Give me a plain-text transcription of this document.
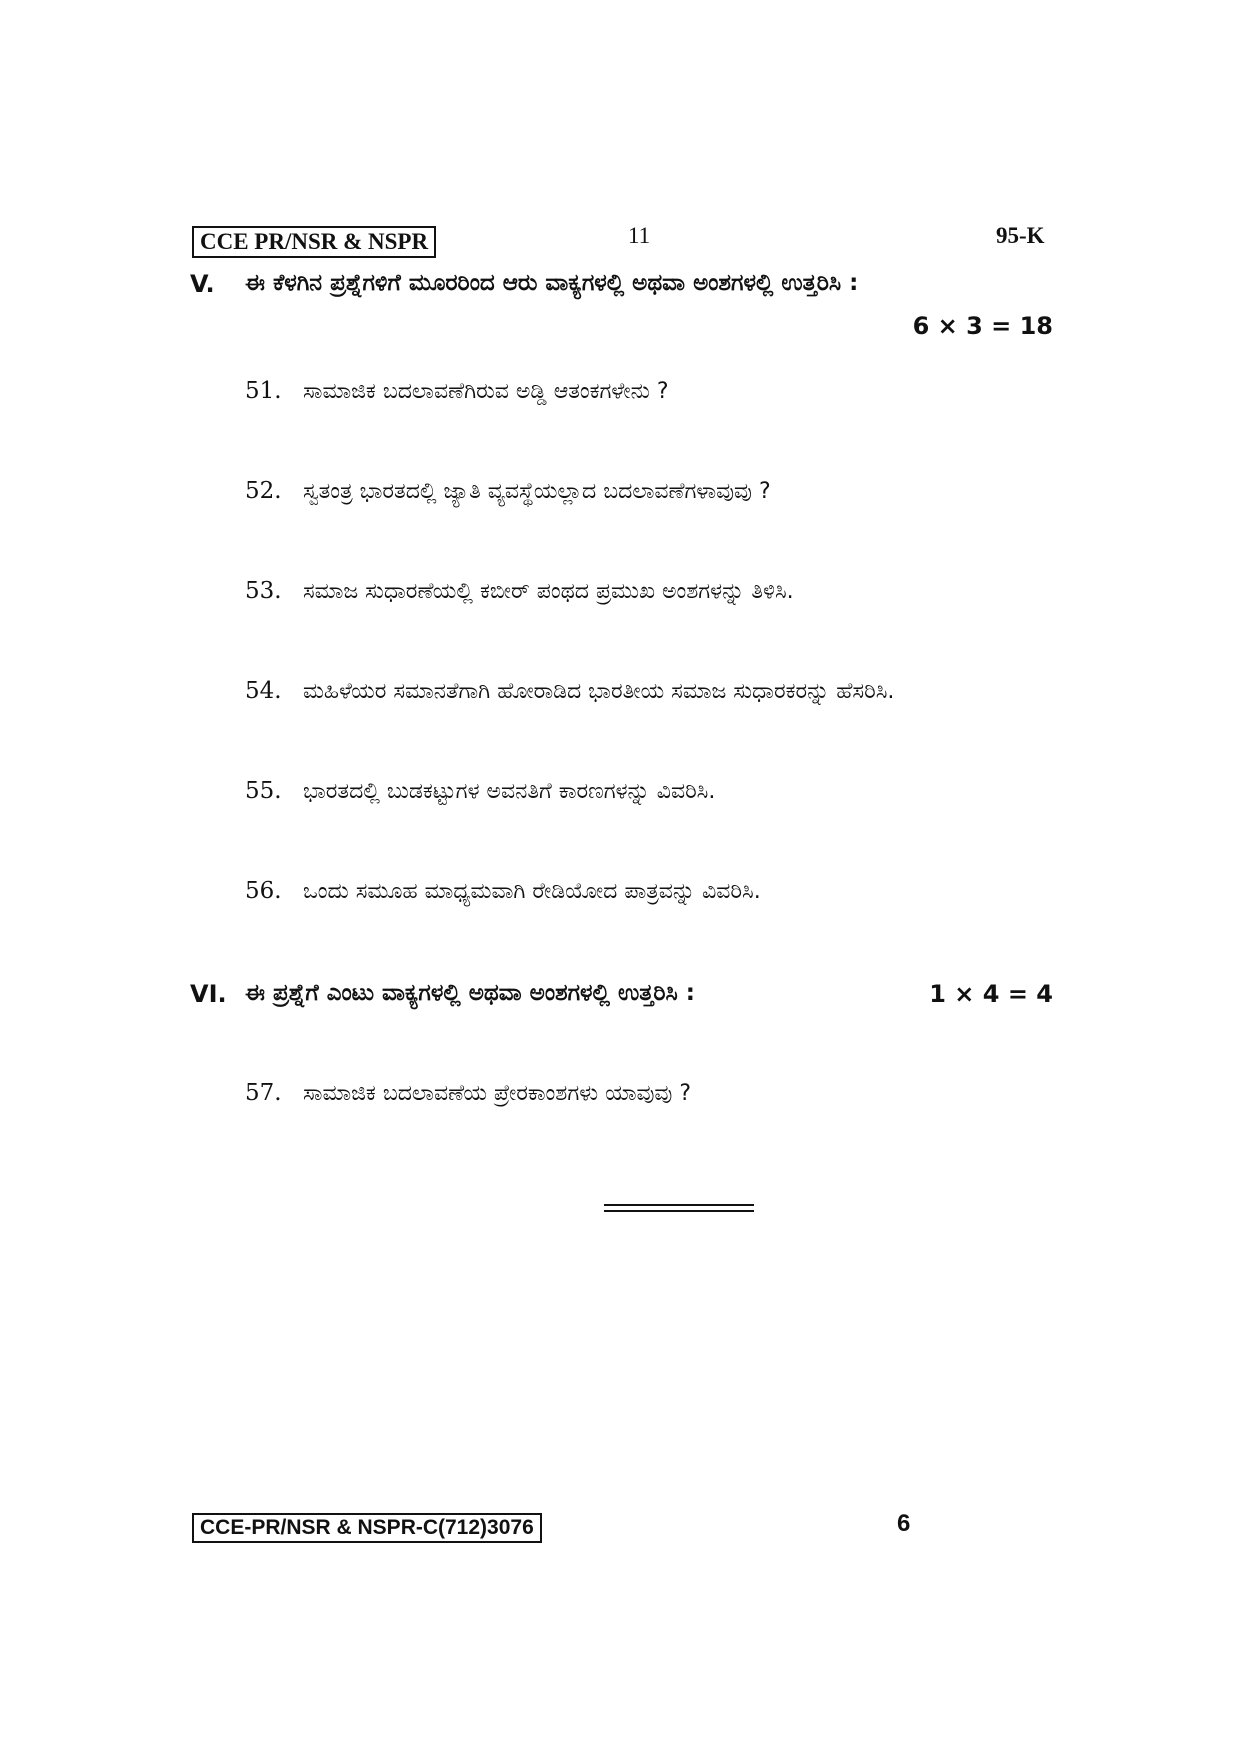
CCE PR/NSR & NSPR	11	95-K
V. ಈ ಕೆಳಗಿನ ಪ್ರಶ್ನೆಗಳಿಗೆ ಮೂರರಿಂದ ಆರು ವಾಕ್ಯಗಳಲ್ಲಿ ಅಥವಾ ಅಂಶಗಳಲ್ಲಿ ಉತ್ತರಿಸಿ :
6 × 3 = 18
51. ಸಾಮಾಜಿಕ ಬದಲಾವಣೆಗಿರುವ ಅಡ್ಡಿ ಆತಂಕಗಳೇನು ?
52. ಸ್ವತಂತ್ರ ಭಾರತದಲ್ಲಿ ಜ್ಯಾತಿ ವ್ಯವಸ್ಥೆಯಲ್ಲಾದ ಬದಲಾವಣೆಗಳಾವುವು ?
53. ಸಮಾಜ ಸುಧಾರಣೆಯಲ್ಲಿ ಕಬೀರ್ ಪಂಥದ ಪ್ರಮುಖ ಅಂಶಗಳನ್ನು ತಿಳಿಸಿ.
54. ಮಹಿಳೆಯರ ಸಮಾನತೆಗಾಗಿ ಹೋರಾಡಿದ ಭಾರತೀಯ ಸಮಾಜ ಸುಧಾರಕರನ್ನು ಹೆಸರಿಸಿ.
55. ಭಾರತದಲ್ಲಿ ಬುಡಕಟ್ಟುಗಳ ಅವನತಿಗೆ ಕಾರಣಗಳನ್ನು ವಿವರಿಸಿ.
56. ಒಂದು ಸಮೂಹ ಮಾಧ್ಯಮವಾಗಿ ರೇಡಿಯೋದ ಪಾತ್ರವನ್ನು ವಿವರಿಸಿ.
VI. ಈ ಪ್ರಶ್ನೆಗೆ ಎಂಟು ವಾಕ್ಯಗಳಲ್ಲಿ ಅಥವಾ ಅಂಶಗಳಲ್ಲಿ ಉತ್ತರಿಸಿ :	1 × 4 = 4
57. ಸಾಮಾಜಿಕ ಬದಲಾವಣೆಯ ಪ್ರೇರಕಾಂಶಗಳು ಯಾವುವು ?
CCE-PR/NSR & NSPR-C(712)3076	6
